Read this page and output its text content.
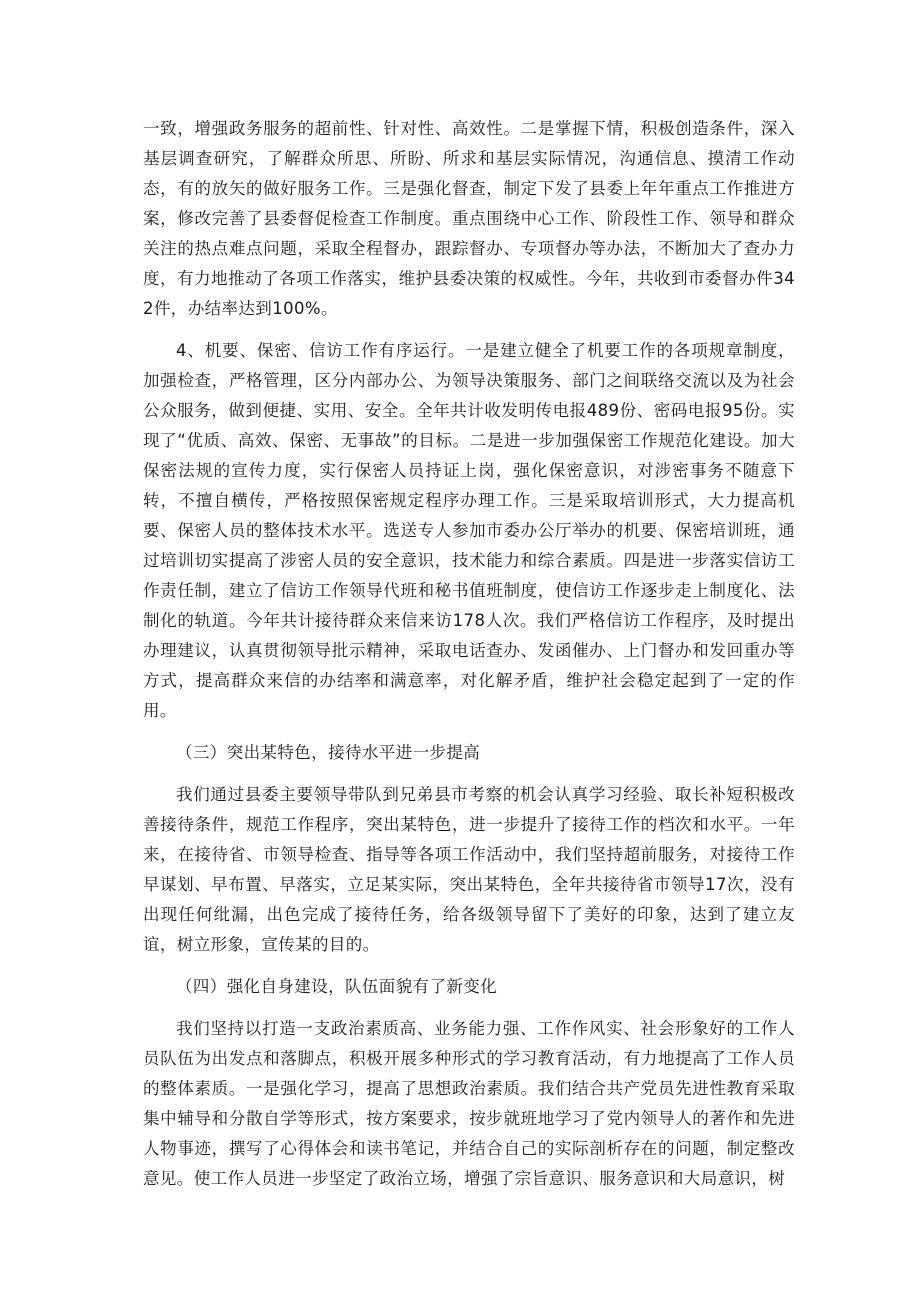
一致，增强政务服务的超前性、针对性、高效性。二是掌握下情，积极创造条件，深入基层调查研究，了解群众所思、所盼、所求和基层实际情况，沟通信息、摸清工作动态，有的放矢的做好服务工作。三是强化督查，制定下发了县委上年年重点工作推进方案，修改完善了县委督促检查工作制度。重点围绕中心工作、阶段性工作、领导和群众关注的热点难点问题，采取全程督办，跟踪督办、专项督办等办法，不断加大了查办力度，有力地推动了各项工作落实，维护县委决策的权威性。今年，共收到市委督办件342件，办结率达到100%。

4、机要、保密、信访工作有序运行。一是建立健全了机要工作的各项规章制度，加强检查，严格管理，区分内部办公、为领导决策服务、部门之间联络交流以及为社会公众服务，做到便捷、实用、安全。全年共计收发明传电报489份、密码电报95份。实现了“优质、高效、保密、无事故”的目标。二是进一步加强保密工作规范化建设。加大保密法规的宣传力度，实行保密人员持证上岗，强化保密意识，对涉密事务不随意下转，不擅自横传，严格按照保密规定程序办理工作。三是采取培训形式，大力提高机要、保密人员的整体技术水平。选送专人参加市委办公厅举办的机要、保密培训班，通过培训切实提高了涉密人员的安全意识，技术能力和综合素质。四是进一步落实信访工作责任制，建立了信访工作领导代班和秘书值班制度，使信访工作逐步走上制度化、法制化的轨道。今年共计接待群众来信来访178人次。我们严格信访工作程序，及时提出办理建议，认真贯彻领导批示精神，采取电话查办、发函催办、上门督办和发回重办等方式，提高群众来信的办结率和满意率，对化解矛盾，维护社会稳定起到了一定的作用。

（三）突出某特色，接待水平进一步提高

我们通过县委主要领导带队到兄弟县市考察的机会认真学习经验、取长补短积极改善接待条件，规范工作程序，突出某特色，进一步提升了接待工作的档次和水平。一年来，在接待省、市领导检查、指导等各项工作活动中，我们坚持超前服务，对接待工作早谋划、早布置、早落实，立足某实际，突出某特色，全年共接待省市领导17次，没有出现任何纰漏，出色完成了接待任务，给各级领导留下了美好的印象，达到了建立友谊，树立形象，宣传某的目的。

（四）强化自身建设，队伍面貌有了新变化

我们坚持以打造一支政治素质高、业务能力强、工作作风实、社会形象好的工作人员队伍为出发点和落脚点，积极开展多种形式的学习教育活动，有力地提高了工作人员的整体素质。一是强化学习，提高了思想政治素质。我们结合共产党员先进性教育采取集中辅导和分散自学等形式，按方案要求，按步就班地学习了党内领导人的著作和先进人物事迹，撰写了心得体会和读书笔记，并结合自己的实际剖析存在的问题，制定整改意见。使工作人员进一步坚定了政治立场，增强了宗旨意识、服务意识和大局意识，树
